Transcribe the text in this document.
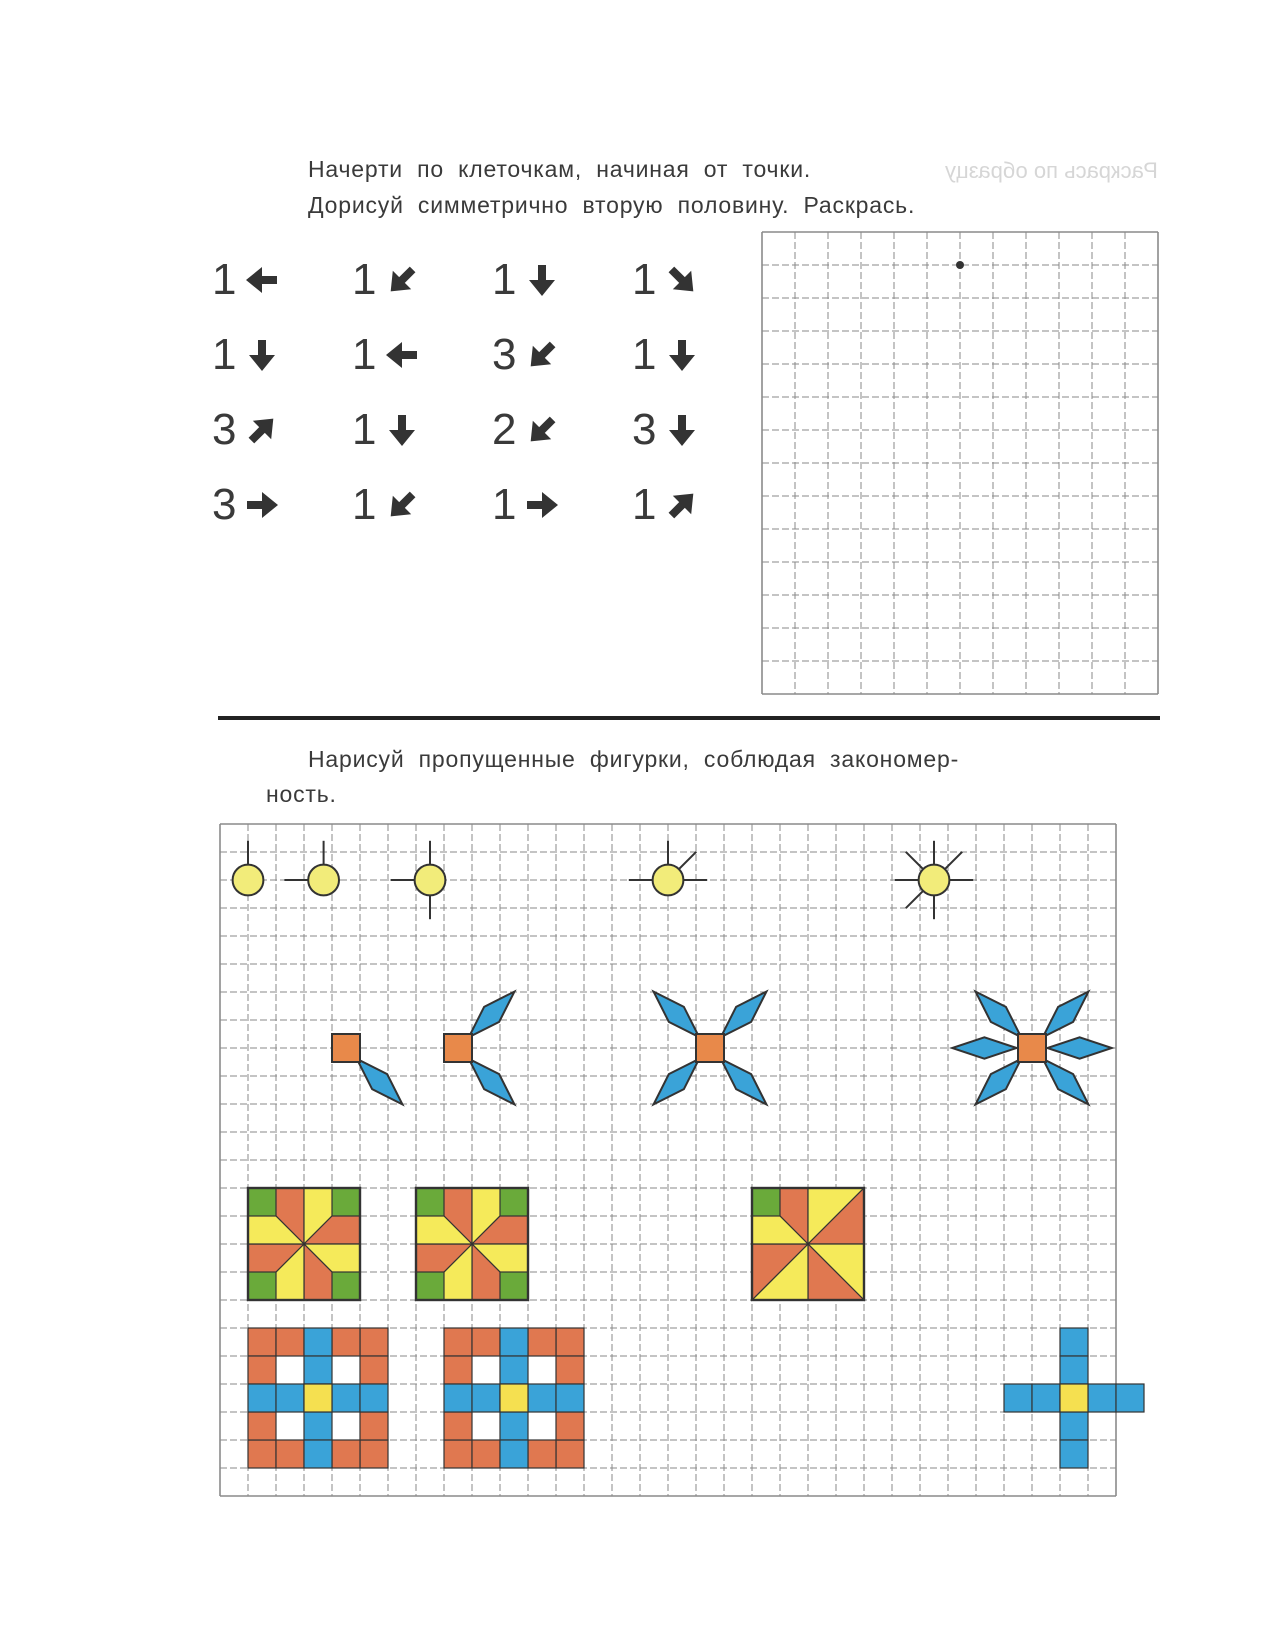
Раскрась по образцу

Начерти по клеточкам, начиная от точки.

Дорисуй симметрично вторую половину. Раскрась.

1	1	1	1
1	1	3	1
3	1	2	3
3	1	1	1

Нарисуй пропущенные фигурки, соблюдая закономер-

ность.
